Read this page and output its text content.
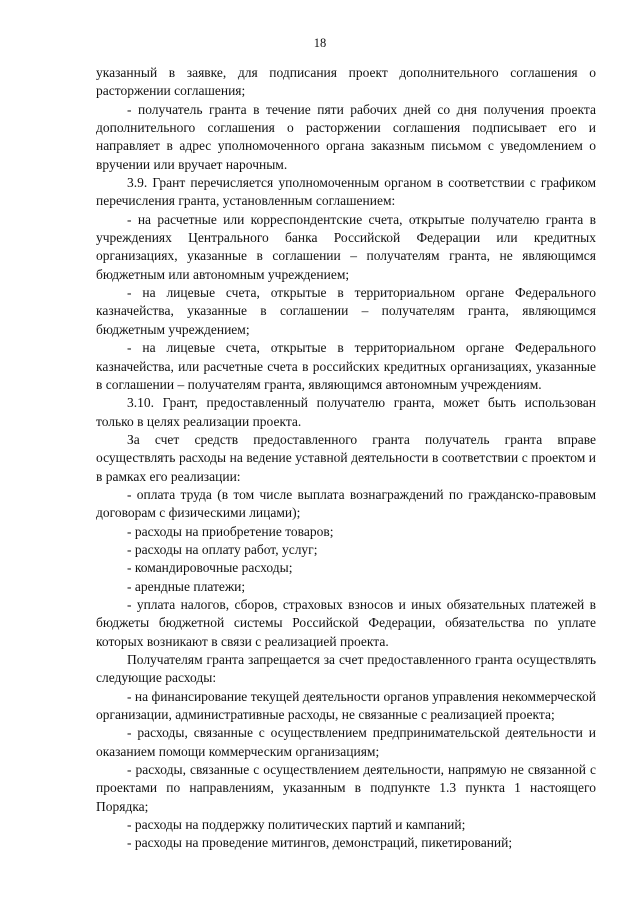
18

указанный в заявке, для подписания проект дополнительного соглашения о расторжении соглашения;

- получатель гранта в течение пяти рабочих дней со дня получения проекта дополнительного соглашения о расторжении соглашения подписывает его и направляет в адрес уполномоченного органа заказным письмом с уведомлением о вручении или вручает нарочным.

3.9. Грант перечисляется уполномоченным органом в соответствии с графиком перечисления гранта, установленным соглашением:

- на расчетные или корреспондентские счета, открытые получателю гранта в учреждениях Центрального банка Российской Федерации или кредитных организациях, указанные в соглашении – получателям гранта, не являющимся бюджетным или автономным учреждением;

- на лицевые счета, открытые в территориальном органе Федерального казначейства, указанные в соглашении – получателям гранта, являющимся бюджетным учреждением;

- на лицевые счета, открытые в территориальном органе Федерального казначейства, или расчетные счета в российских кредитных организациях, указанные в соглашении – получателям гранта, являющимся автономным учреждениям.

3.10. Грант, предоставленный получателю гранта, может быть использован только в целях реализации проекта.

За счет средств предоставленного гранта получатель гранта вправе осуществлять расходы на ведение уставной деятельности в соответствии с проектом и в рамках его реализации:

- оплата труда (в том числе выплата вознаграждений по гражданско-правовым договорам с физическими лицами);

- расходы на приобретение товаров;

- расходы на оплату работ, услуг;

- командировочные расходы;

- арендные платежи;

- уплата налогов, сборов, страховых взносов и иных обязательных платежей в бюджеты бюджетной системы Российской Федерации, обязательства по уплате которых возникают в связи с реализацией проекта.

Получателям гранта запрещается за счет предоставленного гранта осуществлять следующие расходы:

- на финансирование текущей деятельности органов управления некоммерческой организации, административные расходы, не связанные с реализацией проекта;

- расходы, связанные с осуществлением предпринимательской деятельности и оказанием помощи коммерческим организациям;

- расходы, связанные с осуществлением деятельности, напрямую не связанной с проектами по направлениям, указанным в подпункте 1.3 пункта 1 настоящего Порядка;

- расходы на поддержку политических партий и кампаний;

- расходы на проведение митингов, демонстраций, пикетирований;
